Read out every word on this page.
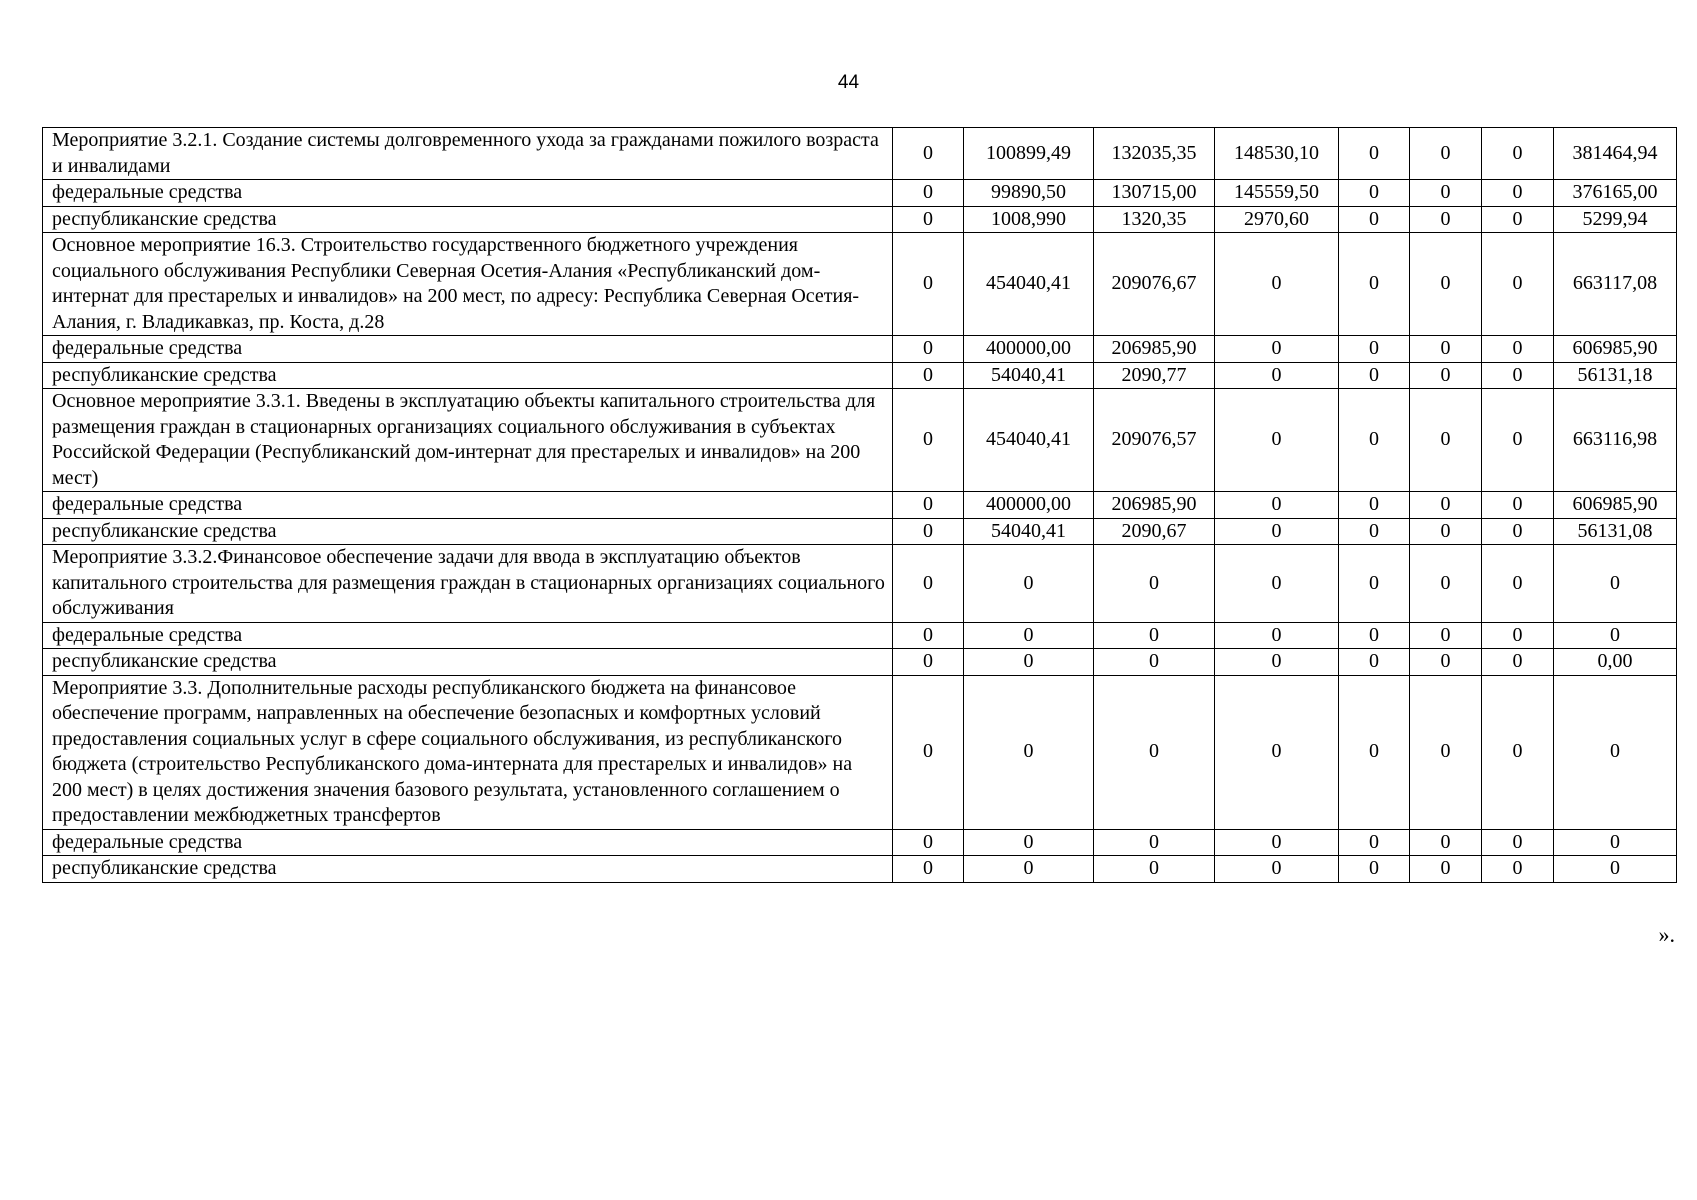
44
Мероприятие 3.2.1. Создание системы долговременного ухода за гражданами пожилого возраста и инвалидами	0	100899,49	132035,35	148530,10	0	0	0	381464,94
федеральные средства	0	99890,50	130715,00	145559,50	0	0	0	376165,00
республиканские средства	0	1008,990	1320,35	2970,60	0	0	0	5299,94
Основное мероприятие 16.3. Строительство государственного бюджетного учреждения социального обслуживания Республики Северная Осетия-Алания «Республиканский дом-интернат для престарелых и инвалидов» на 200 мест, по адресу: Республика Северная Осетия-Алания, г. Владикавказ, пр. Коста, д.28	0	454040,41	209076,67	0	0	0	0	663117,08
федеральные средства	0	400000,00	206985,90	0	0	0	0	606985,90
республиканские средства	0	54040,41	2090,77	0	0	0	0	56131,18
Основное мероприятие 3.3.1. Введены в эксплуатацию объекты капитального строительства для размещения граждан в стационарных организациях социального обслуживания в субъектах Российской Федерации (Республиканский дом-интернат для престарелых и инвалидов» на 200 мест)	0	454040,41	209076,57	0	0	0	0	663116,98
федеральные средства	0	400000,00	206985,90	0	0	0	0	606985,90
республиканские средства	0	54040,41	2090,67	0	0	0	0	56131,08
Мероприятие 3.3.2.Финансовое обеспечение задачи для ввода в эксплуатацию объектов капитального строительства для размещения граждан в стационарных организациях социального обслуживания	0	0	0	0	0	0	0	0
федеральные средства	0	0	0	0	0	0	0	0
республиканские средства	0	0	0	0	0	0	0	0,00
Мероприятие 3.3. Дополнительные расходы республиканского бюджета на финансовое обеспечение программ, направленных на обеспечение безопасных и комфортных условий предоставления социальных услуг в сфере социального обслуживания, из республиканского бюджета (строительство Республиканского дома-интерната для престарелых и инвалидов» на 200 мест) в целях достижения значения базового результата, установленного соглашением о предоставлении межбюджетных трансфертов	0	0	0	0	0	0	0	0
федеральные средства	0	0	0	0	0	0	0	0
республиканские средства	0	0	0	0	0	0	0	0
».
